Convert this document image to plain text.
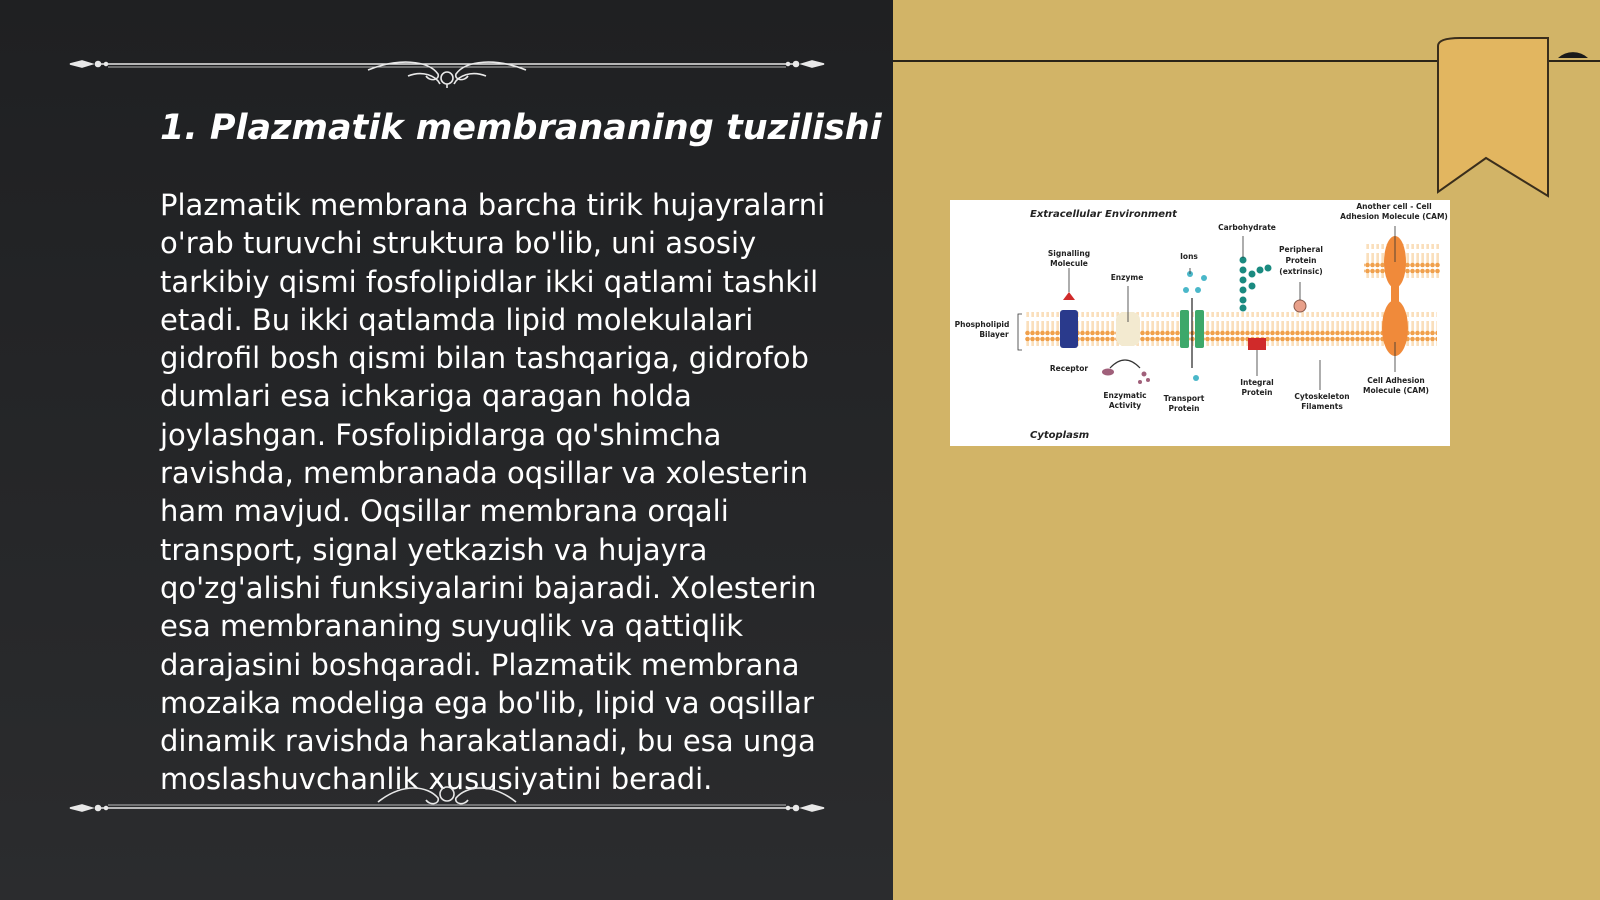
1. Plazmatik membrananing tuzilishi

Plazmatik membrana barcha tirik hujayralarni o'rab turuvchi struktura bo'lib, uni asosiy tarkibiy qismi fosfolipidlar ikki qatlami tashkil etadi. Bu ikki qatlamda lipid molekulalari gidrofil bosh qismi bilan tashqariga, gidrofob dumlari esa ichkariga qaragan holda joylashgan. Fosfolipidlarga qo'shimcha ravishda, membranada oqsillar va xolesterin ham mavjud. Oqsillar membrana orqali transport, signal yetkazish va hujayra qo'zg'alishi funksiyalarini bajaradi. Xolesterin esa membrananing suyuqlik va qattiqlik darajasini boshqaradi. Plazmatik membrana mozaika modeliga ega bo'lib, lipid va oqsillar dinamik ravishda harakatlanadi, bu esa unga moslashuvchanlik xususiyatini beradi.

Extracellular Environment
Cytoplasm
Phospholipid
Bilayer
Signalling
Molecule
Enzyme
Ions
Carbohydrate
Peripheral
Protein
(extrinsic)
Another cell - Cell
Adhesion Molecule (CAM)
Receptor
Enzymatic
Activity
Transport
Protein
Integral
Protein	Cytoskeleton
Filaments
Cell Adhesion
Molecule (CAM)
